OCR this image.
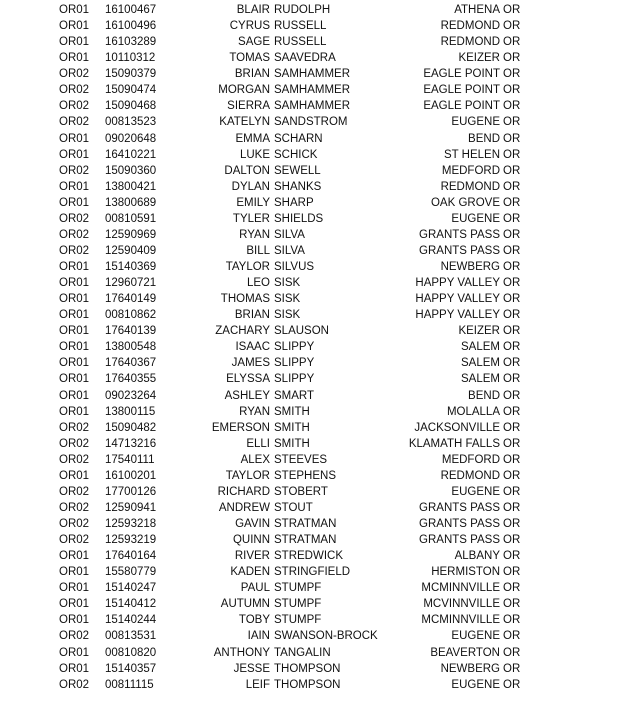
OR01 16100467	BLAIR RUDOLPH	ATHENA OR
OR01 16100496	CYRUS RUSSELL	REDMOND OR
OR01 16103289	SAGE RUSSELL	REDMOND OR
OR01 10110312	TOMAS SAAVEDRA	KEIZER OR
OR02 15090379	BRIAN SAMHAMMER	EAGLE POINT OR
OR02 15090474	MORGAN SAMHAMMER	EAGLE POINT OR
OR02 15090468	SIERRA SAMHAMMER	EAGLE POINT OR
OR02 00813523	KATELYN SANDSTROM	EUGENE OR
OR01 09020648	EMMA SCHARN	BEND OR
OR01 16410221	LUKE SCHICK	ST HELEN OR
OR02 15090360	DALTON SEWELL	MEDFORD OR
OR01 13800421	DYLAN SHANKS	REDMOND OR
OR01 13800689	EMILY SHARP	OAK GROVE OR
OR02 00810591	TYLER SHIELDS	EUGENE OR
OR02 12590969	RYAN SILVA	GRANTS PASS OR
OR02 12590409	BILL SILVA	GRANTS PASS OR
OR01 15140369	TAYLOR SILVUS	NEWBERG OR
OR01 12960721	LEO SISK	HAPPY VALLEY OR
OR01 17640149	THOMAS SISK	HAPPY VALLEY OR
OR01 00810862	BRIAN SISK	HAPPY VALLEY OR
OR01 17640139	ZACHARY SLAUSON	KEIZER OR
OR01 13800548	ISAAC SLIPPY	SALEM OR
OR01 17640367	JAMES SLIPPY	SALEM OR
OR01 17640355	ELYSSA SLIPPY	SALEM OR
OR01 09023264	ASHLEY SMART	BEND OR
OR01 13800115	RYAN SMITH	MOLALLA OR
OR02 15090482	EMERSON SMITH	JACKSONVILLE OR
OR02 14713216	ELLI SMITH	KLAMATH FALLS OR
OR02 17540111	ALEX STEEVES	MEDFORD OR
OR01 16100201	TAYLOR STEPHENS	REDMOND OR
OR02 17700126	RICHARD STOBERT	EUGENE OR
OR02 12590941	ANDREW STOUT	GRANTS PASS OR
OR02 12593218	GAVIN STRATMAN	GRANTS PASS OR
OR02 12593219	QUINN STRATMAN	GRANTS PASS OR
OR01 17640164	RIVER STREDWICK	ALBANY OR
OR01 15580779	KADEN STRINGFIELD	HERMISTON OR
OR01 15140247	PAUL STUMPF	MCMINNVILLE OR
OR01 15140412	AUTUMN STUMPF	MCVINNVILLE OR
OR01 15140244	TOBY STUMPF	MCMINNVILLE OR
OR02 00813531	IAIN SWANSON-BROCK	EUGENE OR
OR01 00810820	ANTHONY TANGALIN	BEAVERTON OR
OR01 15140357	JESSE THOMPSON	NEWBERG OR
OR02 00811115	LEIF THOMPSON	EUGENE OR
